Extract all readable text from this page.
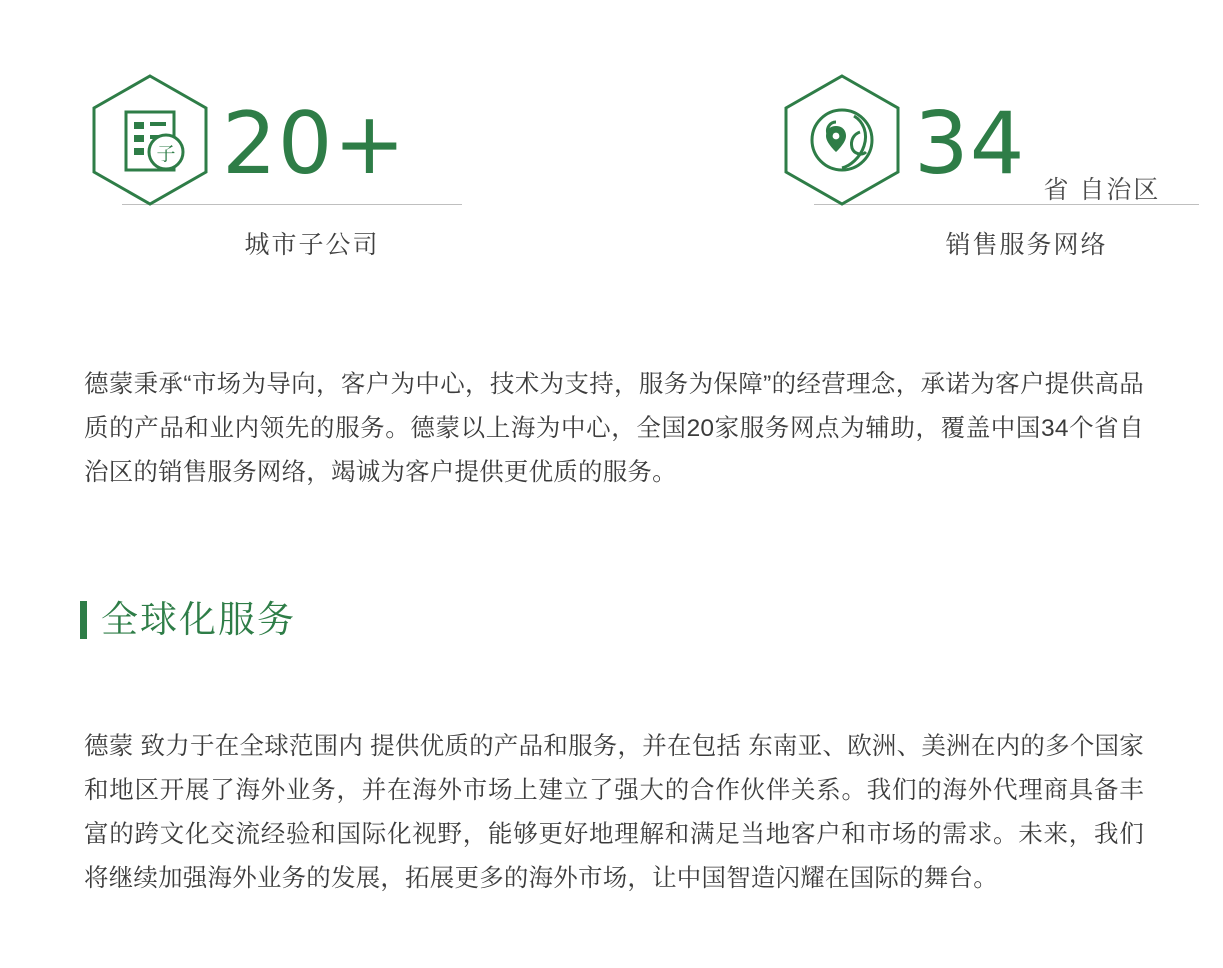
子 20+
城市子公司
34 省 自治区
销售服务网络

德蒙秉承“市场为导向，客户为中心，技术为支持，服务为保障”的经营理念，承诺为客户提供高品质的产品和业内领先的服务。德蒙以上海为中心，全国20家服务网点为辅助，覆盖中国34个省自治区的销售服务网络，竭诚为客户提供更优质的服务。

全球化服务

德蒙 致力于在全球范围内 提供优质的产品和服务，并在包括 东南亚、欧洲、美洲在内的多个国家和地区开展了海外业务，并在海外市场上建立了强大的合作伙伴关系。我们的海外代理商具备丰富的跨文化交流经验和国际化视野，能够更好地理解和满足当地客户和市场的需求。未来，我们将继续加强海外业务的发展，拓展更多的海外市场，让中国智造闪耀在国际的舞台。
